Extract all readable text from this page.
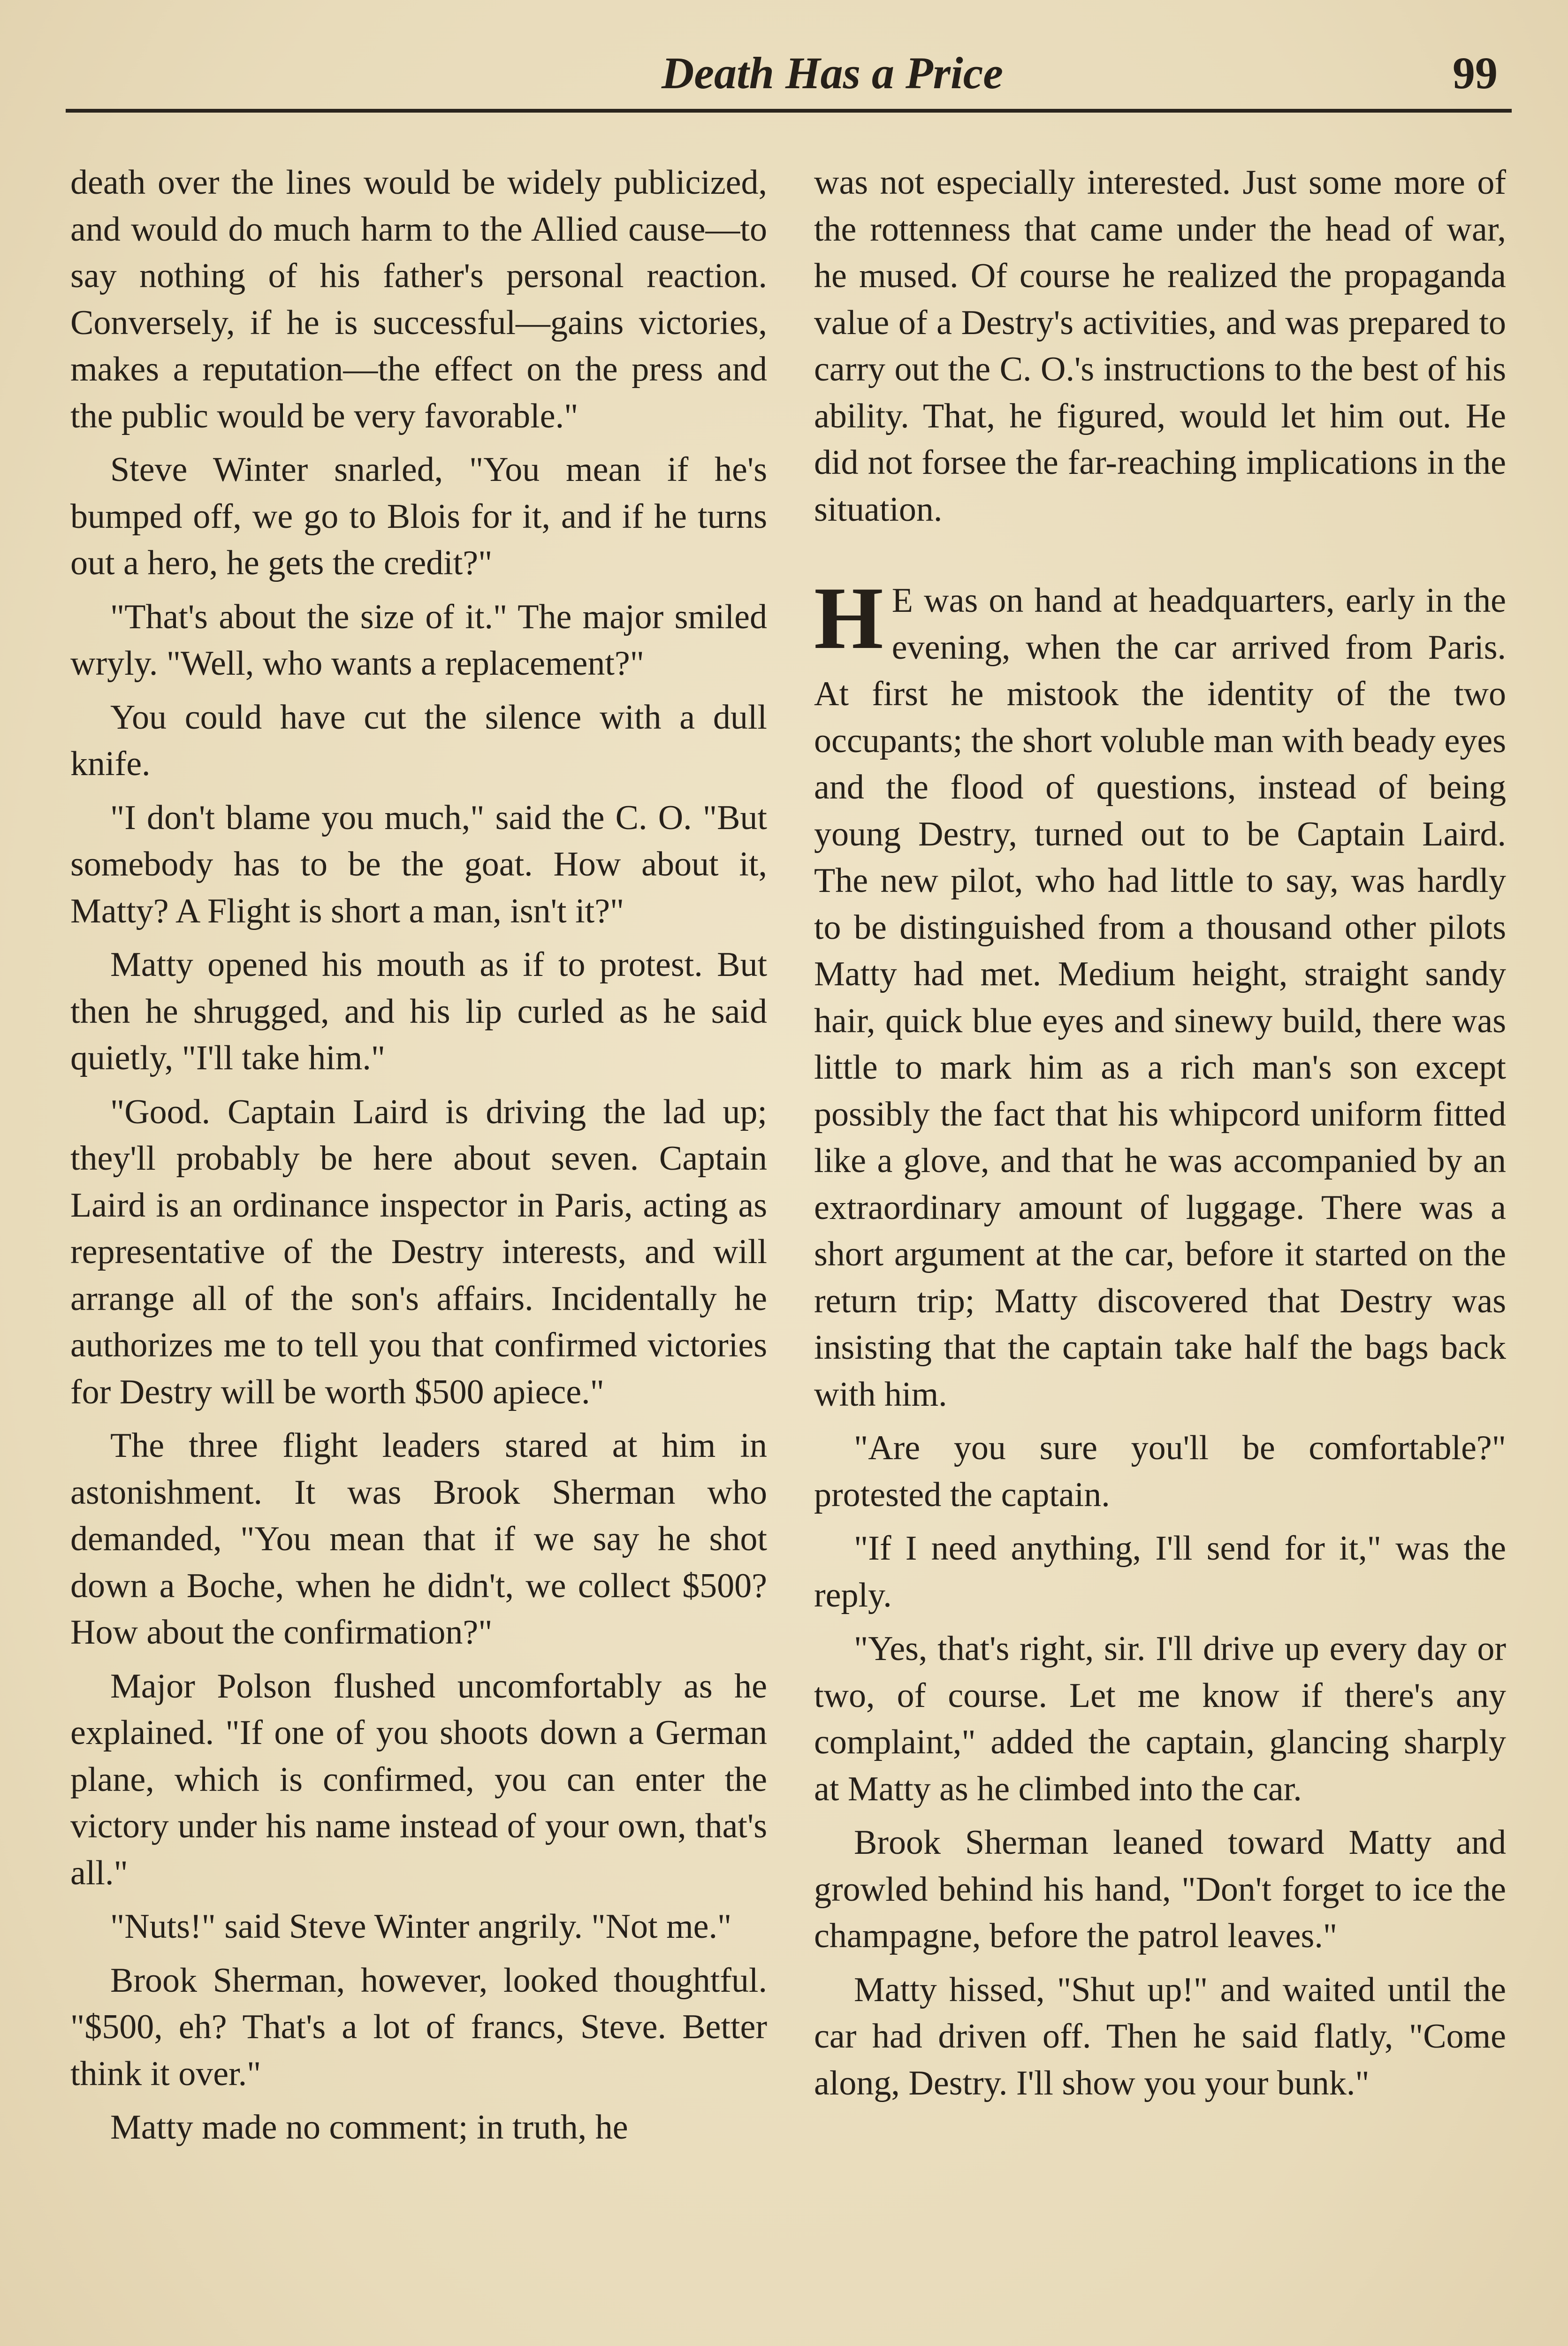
Death Has a Price	99

death over the lines would be widely publicized, and would do much harm to the Allied cause—to say nothing of his father's personal reaction. Conversely, if he is successful—gains victories, makes a reputation—the effect on the press and the public would be very favorable."

Steve Winter snarled, "You mean if he's bumped off, we go to Blois for it, and if he turns out a hero, he gets the credit?"

"That's about the size of it." The major smiled wryly. "Well, who wants a replacement?"

You could have cut the silence with a dull knife.

"I don't blame you much," said the C. O. "But somebody has to be the goat. How about it, Matty? A Flight is short a man, isn't it?"

Matty opened his mouth as if to protest. But then he shrugged, and his lip curled as he said quietly, "I'll take him."

"Good. Captain Laird is driving the lad up; they'll probably be here about seven. Captain Laird is an ordinance inspector in Paris, acting as representative of the Destry interests, and will arrange all of the son's affairs. Incidentally he authorizes me to tell you that confirmed victories for Destry will be worth $500 apiece."

The three flight leaders stared at him in astonishment. It was Brook Sherman who demanded, "You mean that if we say he shot down a Boche, when he didn't, we collect $500? How about the confirmation?"

Major Polson flushed uncomfortably as he explained. "If one of you shoots down a German plane, which is confirmed, you can enter the victory under his name instead of your own, that's all."

"Nuts!" said Steve Winter angrily. "Not me."

Brook Sherman, however, looked thoughtful. "$500, eh? That's a lot of francs, Steve. Better think it over."

Matty made no comment; in truth, he

was not especially interested. Just some more of the rottenness that came under the head of war, he mused. Of course he realized the propaganda value of a Destry's activities, and was prepared to carry out the C. O.'s instructions to the best of his ability. That, he figured, would let him out. He did not forsee the far-reaching implications in the situation.

H E was on hand at headquarters, early in the evening, when the car arrived from Paris. At first he mistook the identity of the two occupants; the short voluble man with beady eyes and the flood of questions, instead of being young Destry, turned out to be Captain Laird. The new pilot, who had little to say, was hardly to be distinguished from a thousand other pilots Matty had met. Medium height, straight sandy hair, quick blue eyes and sinewy build, there was little to mark him as a rich man's son except possibly the fact that his whipcord uniform fitted like a glove, and that he was accompanied by an extraordinary amount of luggage. There was a short argument at the car, before it started on the return trip; Matty discovered that Destry was insisting that the captain take half the bags back with him.

"Are you sure you'll be comfortable?" protested the captain.

"If I need anything, I'll send for it," was the reply.

"Yes, that's right, sir. I'll drive up every day or two, of course. Let me know if there's any complaint," added the captain, glancing sharply at Matty as he climbed into the car.

Brook Sherman leaned toward Matty and growled behind his hand, "Don't forget to ice the champagne, before the patrol leaves."

Matty hissed, "Shut up!" and waited until the car had driven off. Then he said flatly, "Come along, Destry. I'll show you your bunk."
